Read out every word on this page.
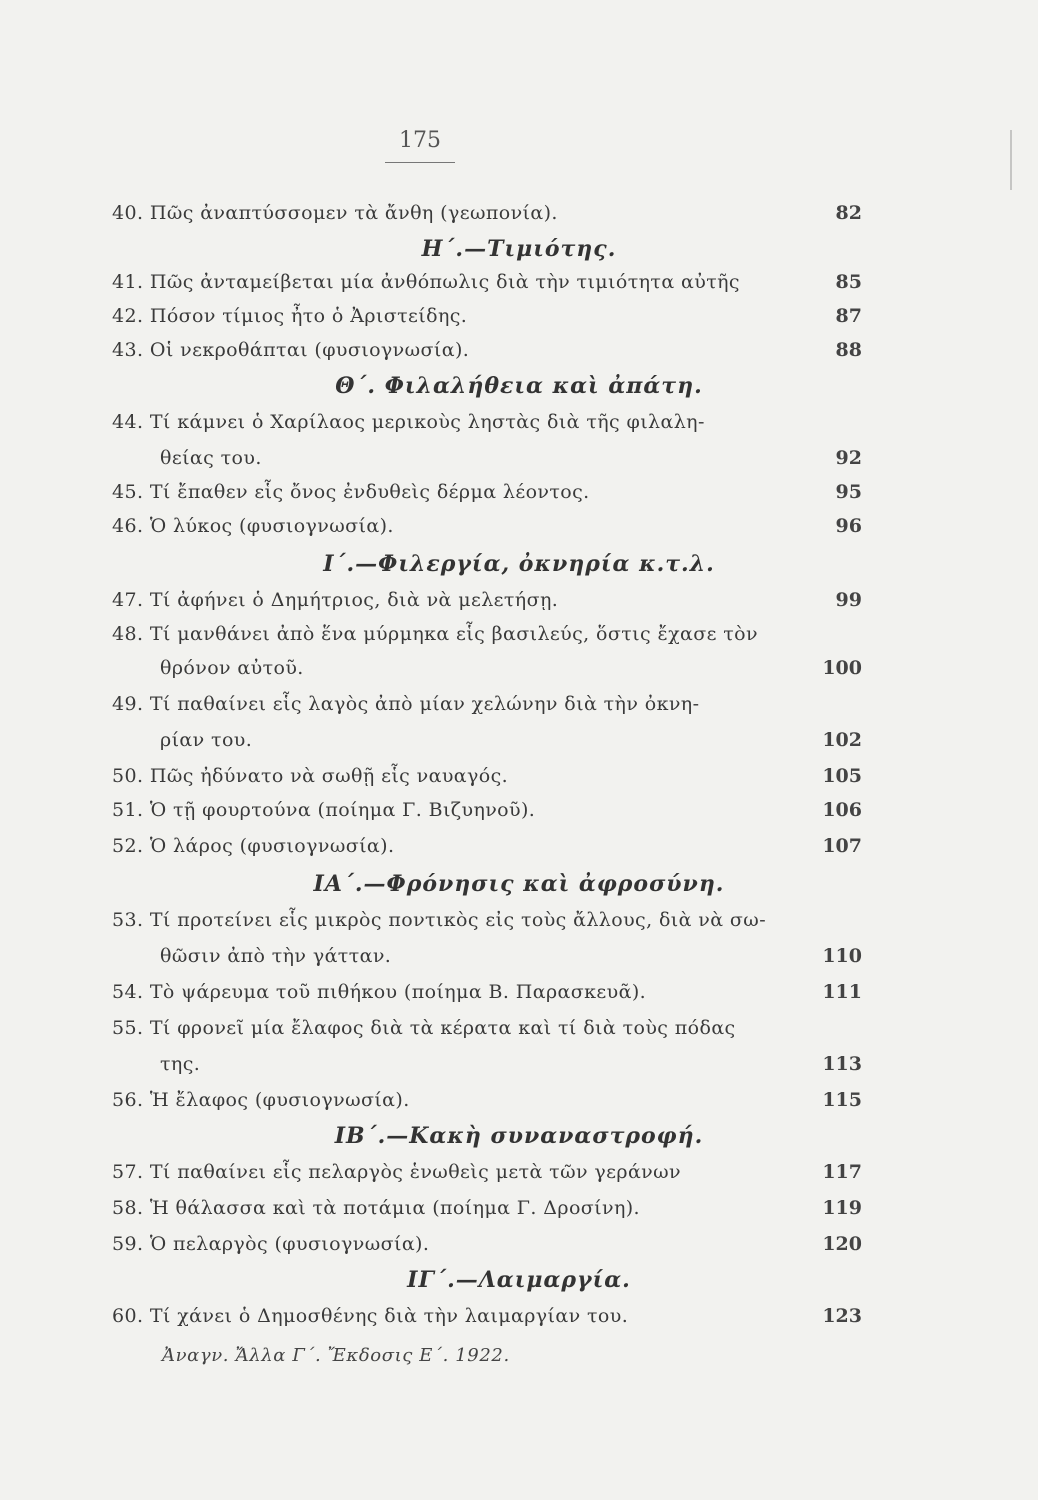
175
40. Πῶς ἀναπτύσσομεν τὰ ἄνθη (γεωπονία).	82
Η΄.—Τιμιότης.
41. Πῶς ἀνταμείβεται μία ἀνθόπωλις διὰ τὴν τιμιότητα αὐτῆς	85
42. Πόσον τίμιος ἦτο ὁ Ἀριστείδης.	87
43. Οἱ νεκροθάπται (φυσιογνωσία).	88
Θ΄. Φιλαλήθεια καὶ ἀπάτη.
44. Τί κάμνει ὁ Χαρίλαος μερικοὺς ληστὰς διὰ τῆς φιλαλη-
θείας του.	92
45. Τί ἔπαθεν εἷς ὄνος ἐνδυθεὶς δέρμα λέοντος.	95
46. Ὁ λύκος (φυσιογνωσία).	96
Ι΄.—Φιλεργία, ὀκνηρία κ.τ.λ.
47. Τί ἀφήνει ὁ Δημήτριος, διὰ νὰ μελετήσῃ.	99
48. Τί μανθάνει ἀπὸ ἕνα μύρμηκα εἷς βασιλεύς, ὅστις ἔχασε τὸν
θρόνον αὐτοῦ.	100
49. Τί παθαίνει εἷς λαγὸς ἀπὸ μίαν χελώνην διὰ τὴν ὀκνη-
ρίαν του.	102
50. Πῶς ἠδύνατο νὰ σωθῇ εἷς ναυαγός.	105
51. Ὁ τῇ φουρτούνα (ποίημα Γ. Βιζυηνοῦ).	106
52. Ὁ λάρος (φυσιογνωσία).	107
ΙΑ΄.—Φρόνησις καὶ ἀφροσύνη.
53. Τί προτείνει εἷς μικρὸς ποντικὸς εἰς τοὺς ἄλλους, διὰ νὰ σω-
θῶσιν ἀπὸ τὴν γάτταν.	110
54. Τὸ ψάρευμα τοῦ πιθήκου (ποίημα Β. Παρασκευᾶ).	111
55. Τί φρονεῖ μία ἔλαφος διὰ τὰ κέρατα καὶ τί διὰ τοὺς πόδας
της.	113
56. Ἡ ἔλαφος (φυσιογνωσία).	115
ΙΒ΄.—Κακὴ συναναστροφή.
57. Τί παθαίνει εἷς πελαργὸς ἑνωθεὶς μετὰ τῶν γεράνων	117
58. Ἡ θάλασσα καὶ τὰ ποτάμια (ποίημα Γ. Δροσίνη).	119
59. Ὁ πελαργὸς (φυσιογνωσία).	120
ΙΓ΄.—Λαιμαργία.
60. Τί χάνει ὁ Δημοσθένης διὰ τὴν λαιμαργίαν του.	123
Ἀναγν. Ἄλλα Γ΄. Ἔκδοσις Ε΄. 1922.
